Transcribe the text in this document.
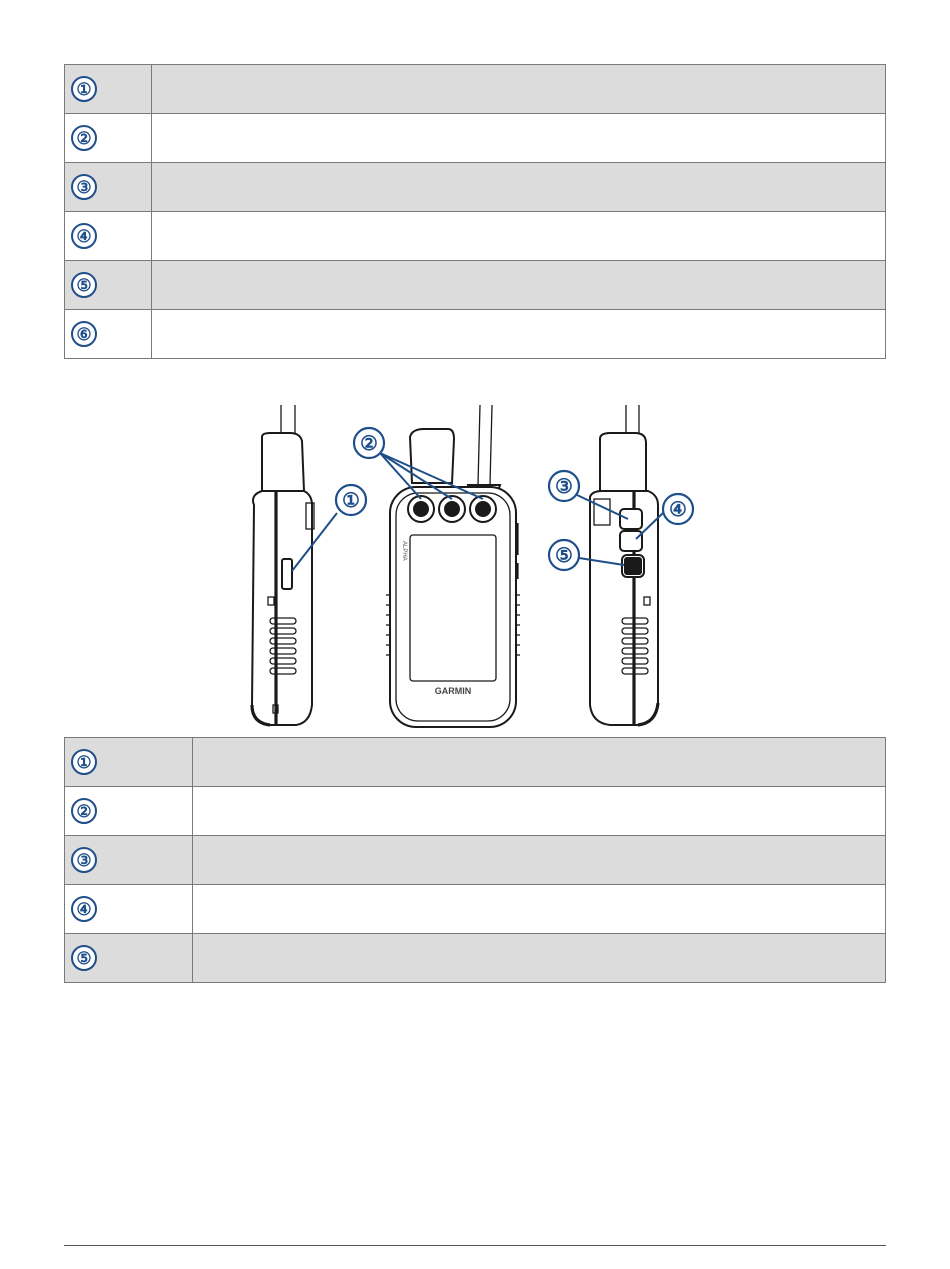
①	
②	
③	
④	
⑤	
⑥	
ALPHA
GARMIN
①
②
③
④
⑤
①	
②	
③	
④	
⑤	
